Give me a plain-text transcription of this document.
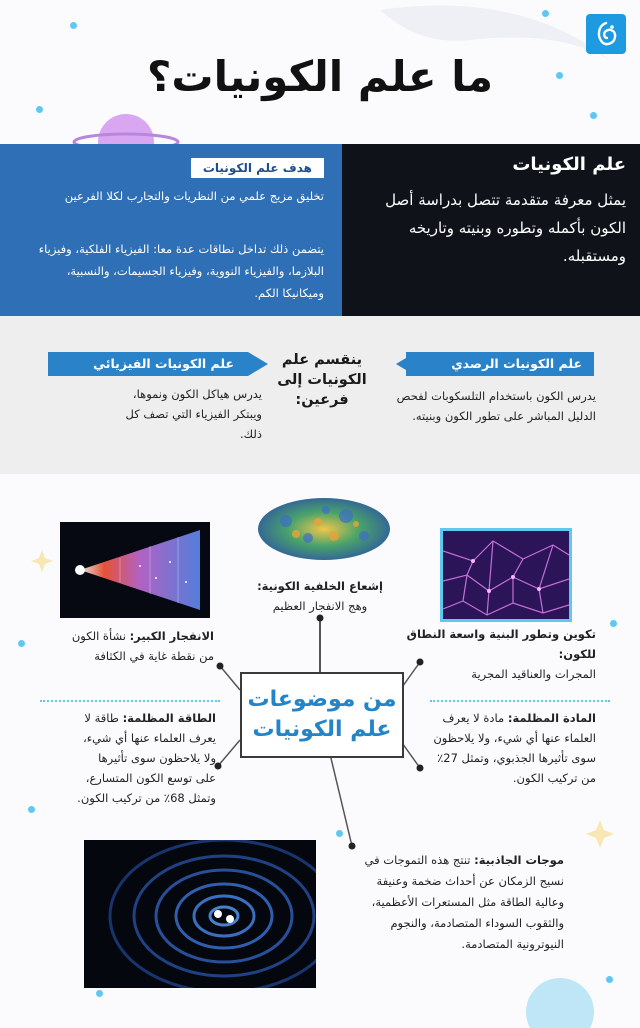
ما علم الكونيات؟
علم الكونيات
يمثل معرفة متقدمة تتصل بدراسة أصل الكون بأكمله وتطوره وبنيته وتاريخه ومستقبله.
هدف علم الكونيات
تخليق مزيج علمي من النظريات والتجارب لكلا الفرعين
يتضمن ذلك تداخل نطاقات عدة معا: الفيزياء الفلكية، وفيزياء البلازما، والفيزياء النووية، وفيزياء الجسيمات، والنسبية، وميكانيكا الكم.
علم الكونيات الرصدي
علم الكونيات الفيزيائي	ينقسم علم الكونيات إلى فرعين:	يدرس الكون باستخدام التلسكوبات لفحص الدليل المباشر على تطور الكون وبنيته.
يدرس هياكل الكون ونموها، ويبتكر الفيزياء التي تصف كل ذلك.
إشعاع الخلفية الكونية:
وهج الانفجار العظيم
تكوين وتطور البنية واسعة النطاق للكون:
المجرات والعناقيد المجرية
الانفجار الكبير: نشأة الكون من نقطة غاية في الكثافة
من موضوعات
علم الكونيات	المادة المظلمة: مادة لا يعرف العلماء عنها أي شيء، ولا يلاحظون سوى تأثيرها الجذبوي، وتمثل 27٪ من تركيب الكون.
الطاقة المظلمة: طاقة لا يعرف العلماء عنها أي شيء، ولا يلاحظون سوى تأثيرها على توسع الكون المتسارع، وتمثل 68٪ من تركيب الكون.
موجات الجاذبية: تنتج هذه التموجات في نسيج الزمكان عن أحداث ضخمة وعنيفة وعالية الطاقة مثل المستعرات الأعظمية، والثقوب السوداء المتصادمة، والنجوم النيوترونية المتصادمة.
